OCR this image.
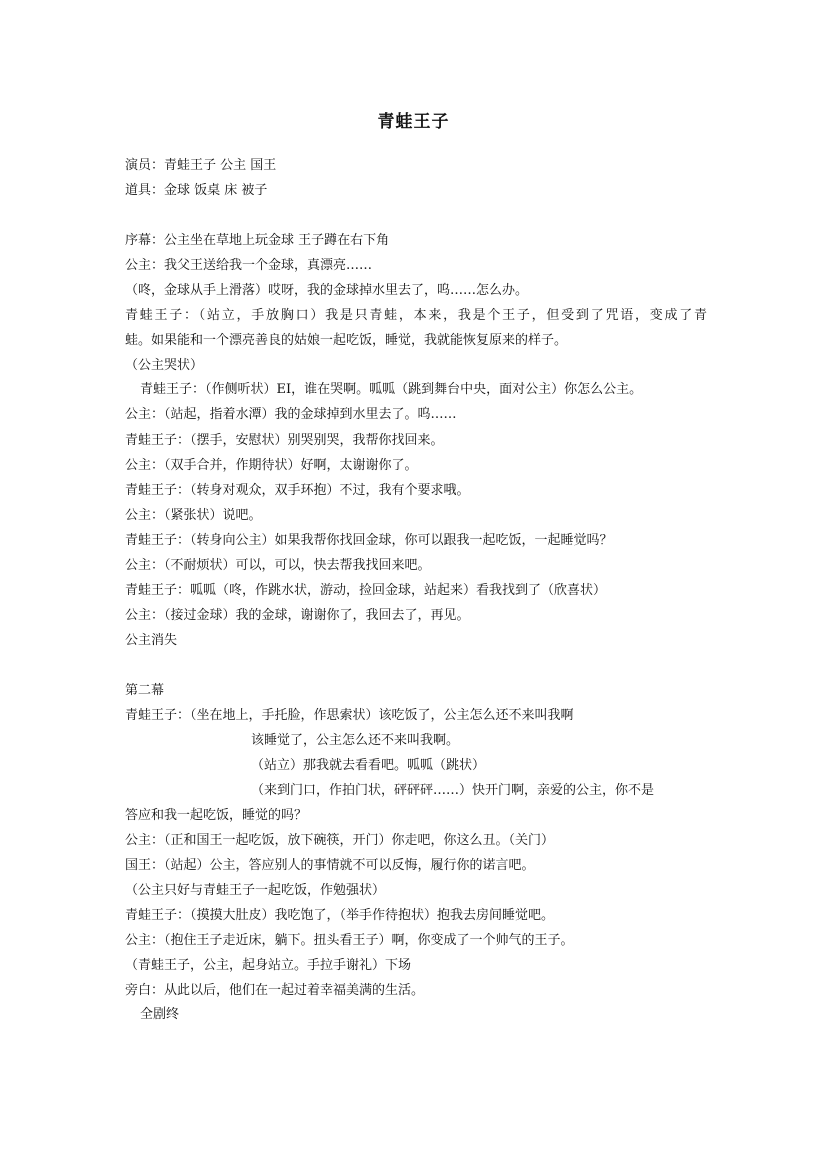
青蛙王子
演员：青蛙王子 公主 国王
道具：金球 饭桌 床 被子
序幕：公主坐在草地上玩金球 王子蹲在右下角
公主：我父王送给我一个金球，真漂亮……
（咚，金球从手上滑落）哎呀，我的金球掉水里去了，呜……怎么办。
青蛙王子：（站立，手放胸口）我是只青蛙，本来，我是个王子，但受到了咒语，变成了青
蛙。如果能和一个漂亮善良的姑娘一起吃饭，睡觉，我就能恢复原来的样子。
（公主哭状）
青蛙王子：（作侧听状）EI，谁在哭啊。呱呱（跳到舞台中央，面对公主）你怎么公主。
公主：（站起，指着水潭）我的金球掉到水里去了。呜……
青蛙王子：（摆手，安慰状）别哭别哭，我帮你找回来。
公主：（双手合并，作期待状）好啊，太谢谢你了。
青蛙王子：（转身对观众，双手环抱）不过，我有个要求哦。
公主：（紧张状）说吧。
青蛙王子：（转身向公主）如果我帮你找回金球，你可以跟我一起吃饭，一起睡觉吗？
公主：（不耐烦状）可以，可以，快去帮我找回来吧。
青蛙王子：呱呱（咚，作跳水状，游动，捡回金球，站起来）看我找到了（欣喜状）
公主：（接过金球）我的金球，谢谢你了，我回去了，再见。
公主消失
第二幕
青蛙王子：（坐在地上，手托脸，作思索状）该吃饭了，公主怎么还不来叫我啊
该睡觉了，公主怎么还不来叫我啊。
（站立）那我就去看看吧。呱呱（跳状）
（来到门口，作拍门状，砰砰砰……）快开门啊，亲爱的公主，你不是
答应和我一起吃饭，睡觉的吗？
公主：（正和国王一起吃饭，放下碗筷，开门）你走吧，你这么丑。（关门）
国王：（站起）公主，答应别人的事情就不可以反悔，履行你的诺言吧。
（公主只好与青蛙王子一起吃饭，作勉强状）
青蛙王子：（摸摸大肚皮）我吃饱了，（举手作待抱状）抱我去房间睡觉吧。
公主：（抱住王子走近床，躺下。扭头看王子）啊，你变成了一个帅气的王子。
（青蛙王子，公主，起身站立。手拉手谢礼）下场
旁白：从此以后，他们在一起过着幸福美满的生活。
全剧终
